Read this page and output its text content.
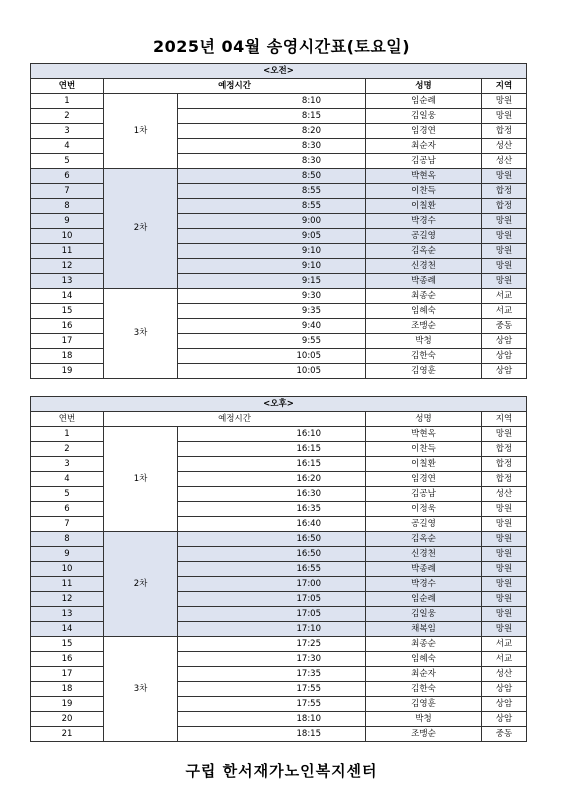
2025년 04월 송영시간표(토요일)
<오전>				
연번	예정시간		성명	지역
1	1차	8:10	임순례	망원
2		8:15	김일웅	망원
3		8:20	임경연	합정
4		8:30	최순자	성산
5		8:30	김공남	성산
6	2차	8:50	박현옥	망원
7		8:55	이찬득	합정
8		8:55	이칠환	합정
9		9:00	박경수	망원
10		9:05	공길영	망원
11		9:10	김옥순	망원
12		9:10	신경천	망원
13		9:15	박종례	망원
14	3차	9:30	최종순	서교
15		9:35	임혜숙	서교
16		9:40	조맹순	중동
17		9:55	박청	상암
18		10:05	김한숙	상암
19		10:05	김영훈	상암
<오후>				
연번	예정시간		성명	지역
1	1차	16:10	박현옥	망원
2		16:15	이찬득	합정
3		16:15	이칠환	합정
4		16:20	임경연	합정
5		16:30	김공남	성산
6		16:35	이정욱	망원
7		16:40	공길영	망원
8	2차	16:50	김옥순	망원
9		16:50	신경천	망원
10		16:55	박종례	망원
11		17:00	박경수	망원
12		17:05	임순례	망원
13		17:05	김일웅	망원
14		17:10	채복임	망원
15	3차	17:25	최종순	서교
16		17:30	임혜숙	서교
17		17:35	최순자	성산
18		17:55	김한숙	상암
19		17:55	김영훈	상암
20		18:10	박청	상암
21		18:15	조맹순	중동
구립 한서재가노인복지센터
